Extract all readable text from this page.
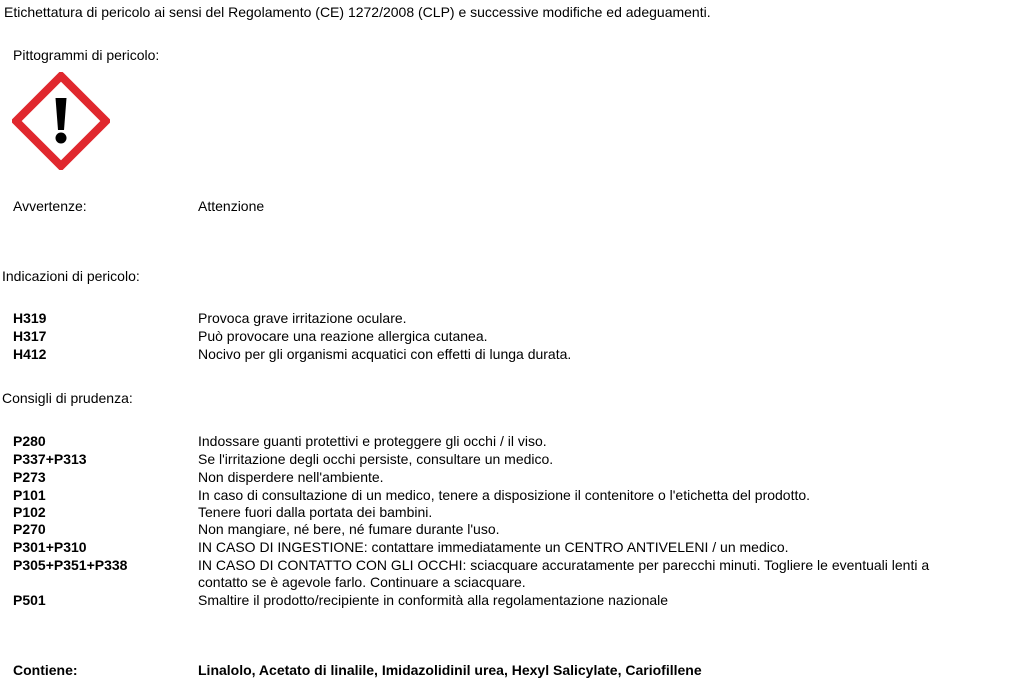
Etichettatura di pericolo ai sensi del Regolamento (CE) 1272/2008 (CLP) e successive modifiche ed adeguamenti.
Pittogrammi di pericolo:
Avvertenze:	Attenzione
Indicazioni di pericolo:
H319	Provoca grave irritazione oculare.
H317	Può provocare una reazione allergica cutanea.
H412	Nocivo per gli organismi acquatici con effetti di lunga durata.
Consigli di prudenza:
P280	Indossare guanti protettivi e proteggere gli occhi / il viso.
P337+P313	Se l'irritazione degli occhi persiste, consultare un medico.
P273	Non disperdere nell'ambiente.
P101	In caso di consultazione di un medico, tenere a disposizione il contenitore o l'etichetta del prodotto.
P102	Tenere fuori dalla portata dei bambini.
P270	Non mangiare, né bere, né fumare durante l'uso.
P301+P310	IN CASO DI INGESTIONE: contattare immediatamente un CENTRO ANTIVELENI / un medico.
P305+P351+P338	IN CASO DI CONTATTO CON GLI OCCHI: sciacquare accuratamente per parecchi minuti. Togliere le eventuali lenti a
contatto se è agevole farlo. Continuare a sciacquare.
P501	Smaltire il prodotto/recipiente in conformità alla regolamentazione nazionale
Contiene:	Linalolo, Acetato di linalile, Imidazolidinil urea, Hexyl Salicylate, Cariofillene
